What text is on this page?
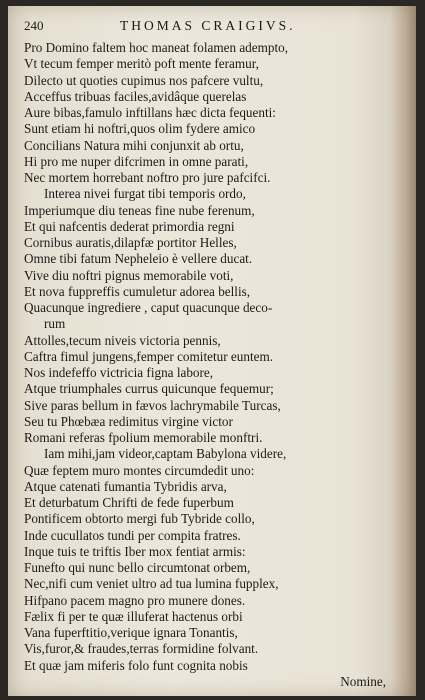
240	THOMAS CRAIGIVS.
Pro Domino faltem hoc maneat folamen adempto,
Vt tecum femper meritò poft mente feramur,
Dilecto ut quoties cupimus nos pafcere vultu,
Acceffus tribuas faciles,avidâque querelas
Aure bibas,famulo inftillans hæc dicta fequenti:
Sunt etiam hi noftri,quos olim fydere amico
Concilians Natura mihi conjunxit ab ortu,
Hi pro me nuper difcrimen in omne parati,
Nec mortem horrebant noftro pro jure pafcifci.
Interea nivei furgat tibi temporis ordo,
Imperiumque diu teneas fine nube ferenum,
Et qui nafcentis dederat primordia regni
Cornibus auratis,dilapfæ portitor Helles,
Omne tibi fatum Nepheleio è vellere ducat.
Vive diu noftri pignus memorabile voti,
Et nova fuppreffis cumuletur adorea bellis,
Quacunque ingrediere , caput quacunque deco-
rum
Attolles,tecum niveis victoria pennis,
Caftra fimul jungens,femper comitetur euntem.
Nos indefeffo victricia figna labore,
Atque triumphales currus quicunque fequemur;
Sive paras bellum in fævos lachrymabile Turcas,
Seu tu Phœbæa redimitus virgine victor
Romani referas fpolium memorabile monftri.
Iam mihi,jam videor,captam Babylona videre,
Quæ feptem muro montes circumdedit uno:
Atque catenati fumantia Tybridis arva,
Et deturbatum Chrifti de fede fuperbum
Pontificem obtorto mergi fub Tybride collo,
Inde cucullatos tundi per compita fratres.
Inque tuis te triftis Iber mox fentiat armis:
Funefto qui nunc bello circumtonat orbem,
Nec,nifi cum veniet ultro ad tua lumina fupplex,
Hifpano pacem magno pro munere dones.
Fælix fi per te quæ illuferat hactenus orbi
Vana fuperftitio,verique ignara Tonantis,
Vis,furor,& fraudes,terras formidine folvant.
Et quæ jam miferis folo funt cognita nobis
Nomine,
